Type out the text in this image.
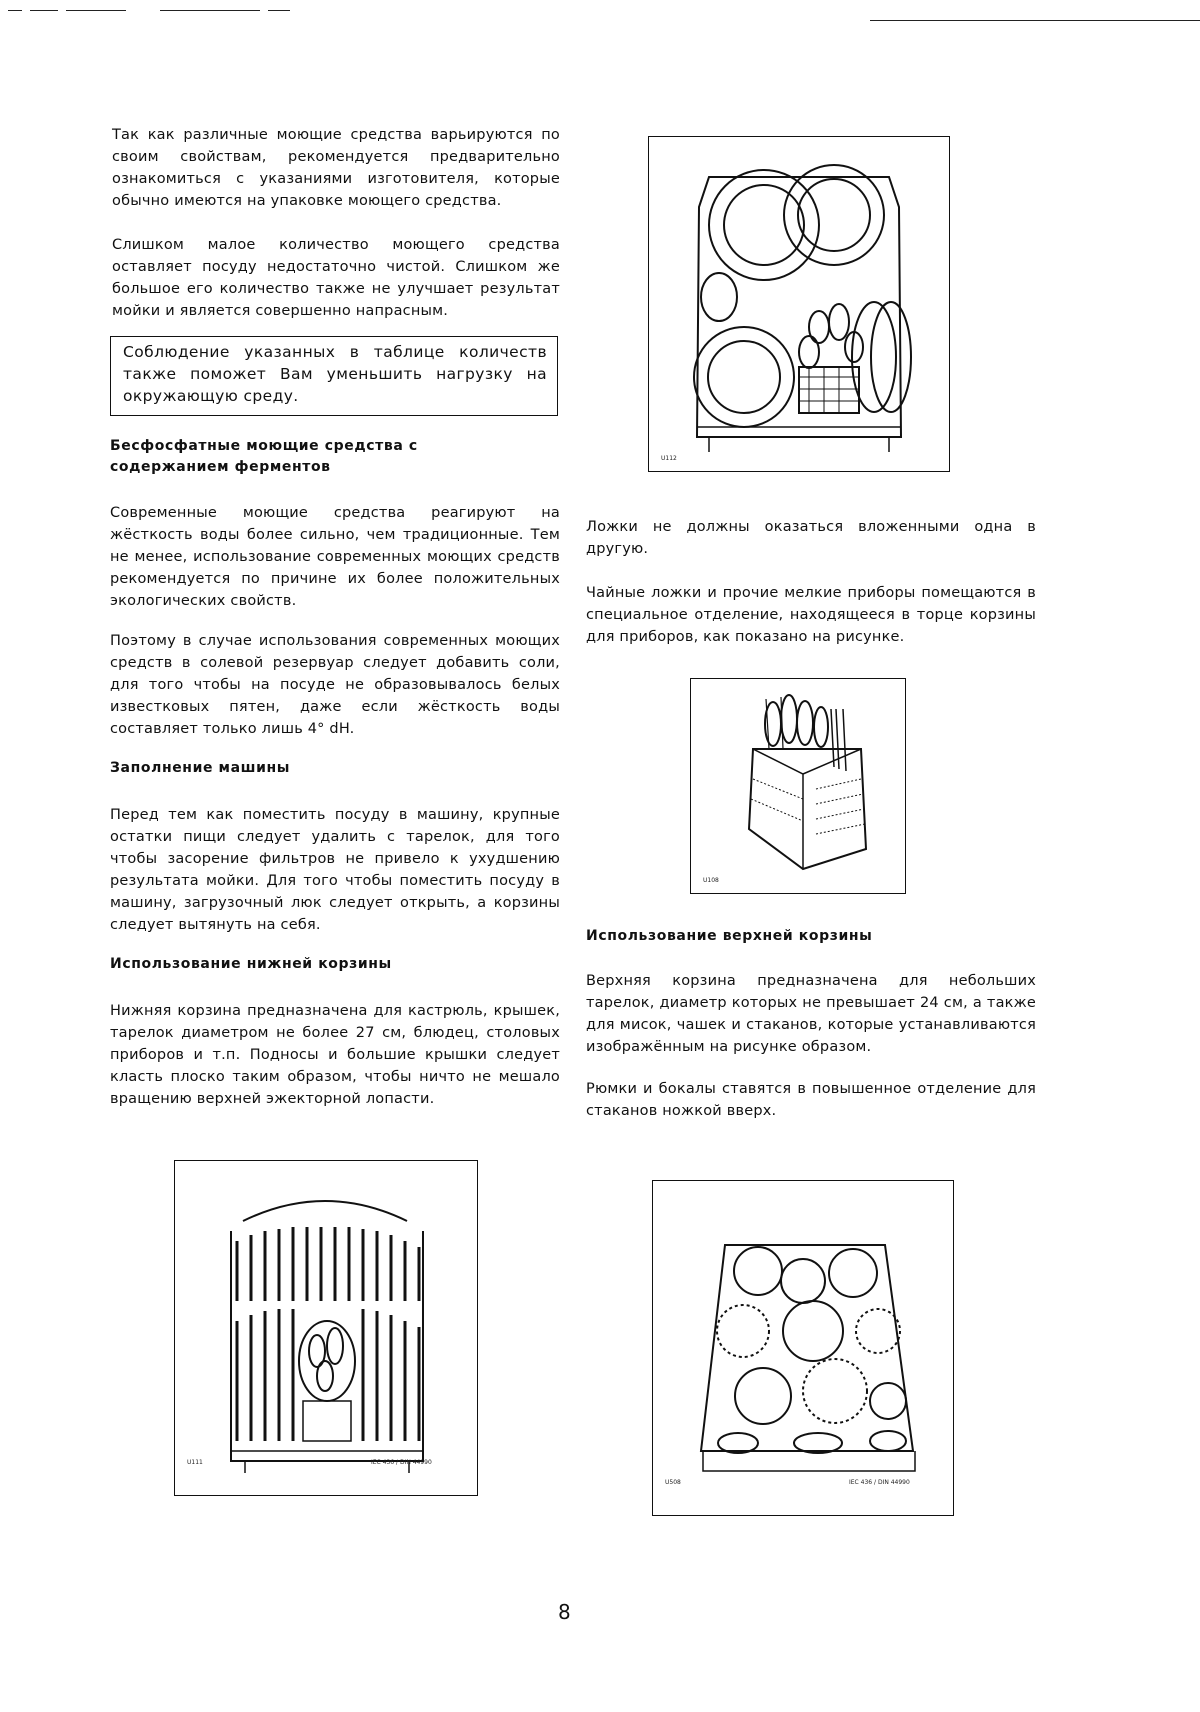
Так как различные моющие средства варьируются по своим свойствам, рекомендуется предварительно ознакомиться с указаниями изготовителя, которые обычно имеются на упаковке моющего средства.

Слишком малое количество моющего средства оставляет посуду недостаточно чистой. Слишком же большое его количество также не улучшает результат мойки и является совершенно напрасным.

Соблюдение указанных в таблице количеств также поможет Вам уменьшить нагрузку на окружающую среду.

Бесфосфатные моющие средства с содержанием ферментов

Современные моющие средства реагируют на жёсткость воды более сильно, чем традиционные. Тем не менее, использование современных моющих средств рекомендуется по причине их более положительных экологических свойств.

Поэтому в случае использования современных моющих средств в солевой резервуар следует добавить соли, для того чтобы на посуде не образовывалось белых известковых пятен, даже если жёсткость воды составляет только лишь 4° dH.

Заполнение машины

Перед тем как поместить посуду в машину, крупные остатки пищи следует удалить с тарелок, для того чтобы засорение фильтров не привело к ухудшению результата мойки. Для того чтобы поместить посуду в машину, загрузочный люк следует открыть, а корзины следует вытянуть на себя.

Использование нижней корзины

Нижняя корзина предназначена для кастрюль, крышек, тарелок диаметром не более 27 см, блюдец, столовых приборов и т.п. Подносы и большие крышки следует класть плоско таким образом, чтобы ничто не мешало вращению верхней эжекторной лопасти.

Ложки не должны оказаться вложенными одна в другую.

Чайные ложки и прочие мелкие приборы помещаются в специальное отделение, находящееся в торце корзины для приборов, как показано на рисунке.

Использование верхней корзины

Верхняя корзина предназначена для небольших тарелок, диаметр которых не превышает 24 см, а также для мисок, чашек и стаканов, которые устанавливаются изображённым на рисунке образом.

Рюмки и бокалы ставятся в повышенное отделение для стаканов ножкой вверх.

U112
U108
U111	IEC 436 / DIN 44990
U508	IEC 436 / DIN 44990
8
